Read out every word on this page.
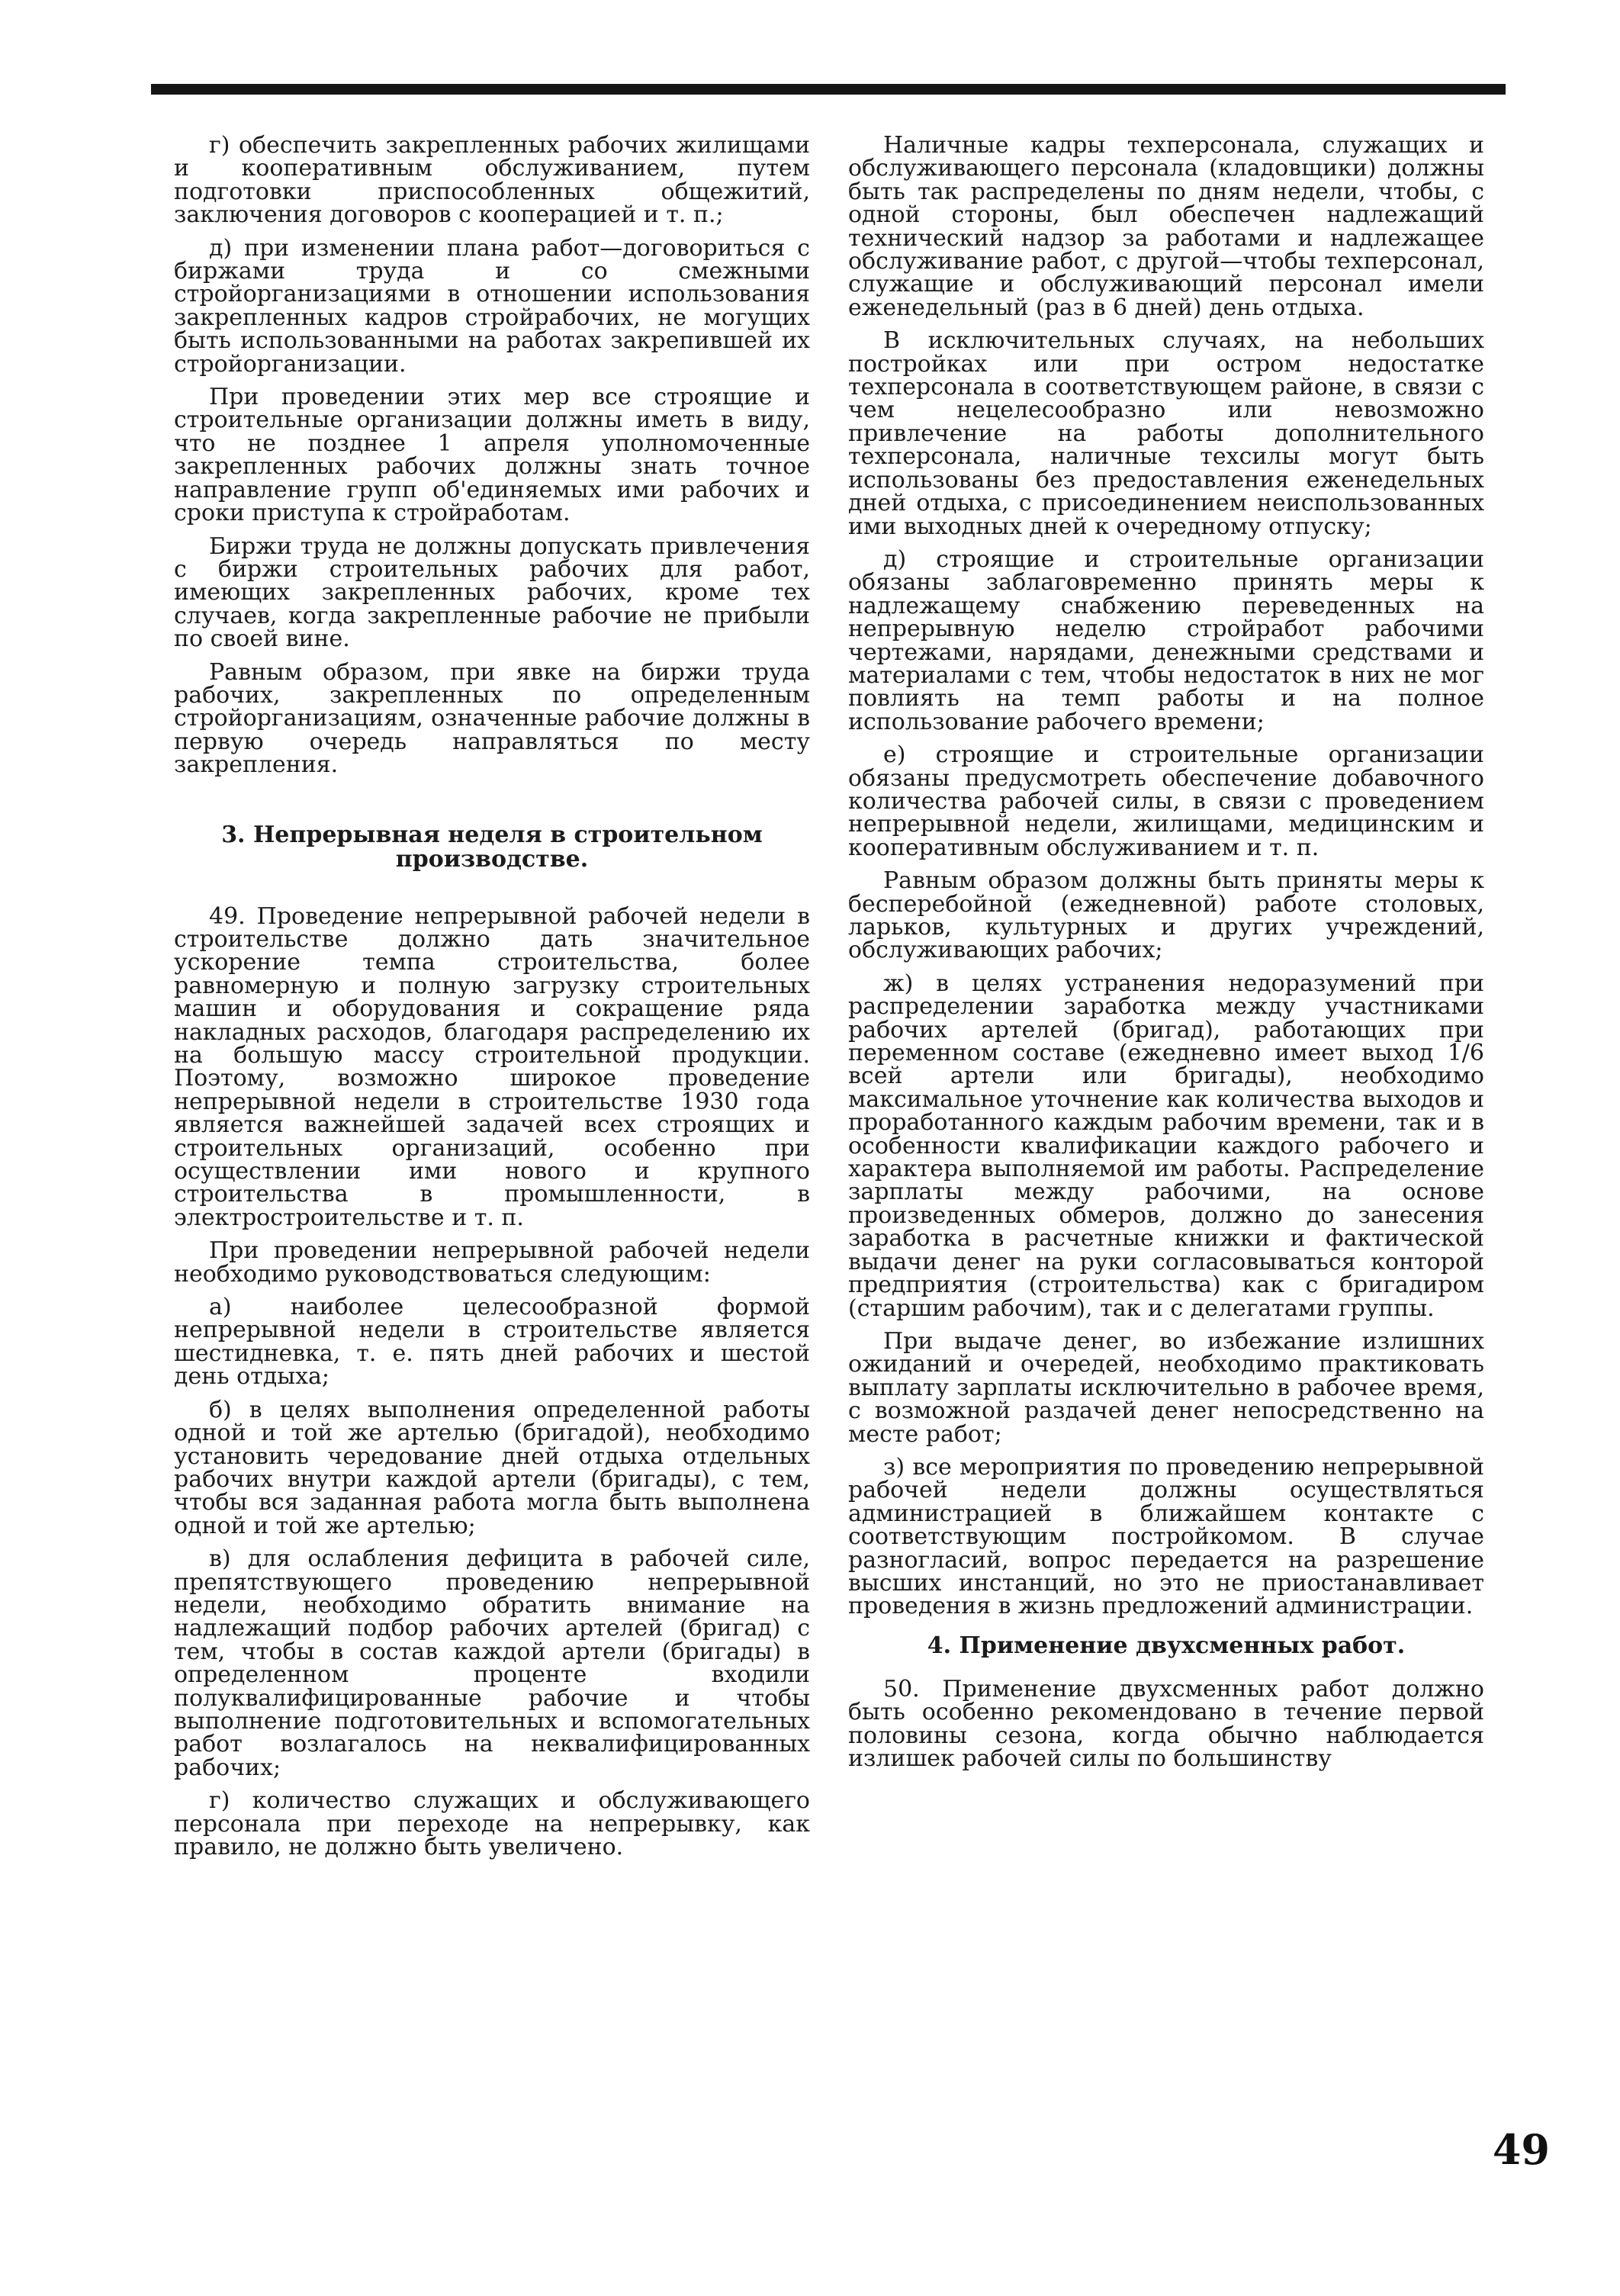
г) обеспечить закрепленных рабочих жилищами и кооперативным обслуживанием, путем подготовки приспособленных общежитий, заключения договоров с кооперацией и т. п.;

д) при изменении плана работ—договориться с биржами труда и со смежными стройорганизациями в отношении использования закрепленных кадров стройрабочих, не могущих быть использованными на работах закрепившей их стройорганизации.

При проведении этих мер все строящие и строительные организации должны иметь в виду, что не позднее 1 апреля уполномоченные закрепленных рабочих должны знать точное направление групп об'единяемых ими рабочих и сроки приступа к стройработам.

Биржи труда не должны допускать привлечения с биржи строительных рабочих для работ, имеющих закрепленных рабочих, кроме тех случаев, когда закрепленные рабочие не прибыли по своей вине.

Равным образом, при явке на биржи труда рабочих, закрепленных по определенным стройорганизациям, означенные рабочие должны в первую очередь направляться по месту закрепления.

3. Непрерывная неделя в строительном производстве.

49. Проведение непрерывной рабочей недели в строительстве должно дать значительное ускорение темпа строительства, более равномерную и полную загрузку строительных машин и оборудования и сокращение ряда накладных расходов, благодаря распределению их на большую массу строительной продукции. Поэтому, возможно широкое проведение непрерывной недели в строительстве 1930 года является важнейшей задачей всех строящих и строительных организаций, особенно при осуществлении ими нового и крупного строительства в промышленности, в электростроительстве и т. п.

При проведении непрерывной рабочей недели необходимо руководствоваться следующим:

а) наиболее целесообразной формой непрерывной недели в строительстве является шестидневка, т. е. пять дней рабочих и шестой день отдыха;

б) в целях выполнения определенной работы одной и той же артелью (бригадой), необходимо установить чередование дней отдыха отдельных рабочих внутри каждой артели (бригады), с тем, чтобы вся заданная работа могла быть выполнена одной и той же артелью;

в) для ослабления дефицита в рабочей силе, препятствующего проведению непрерывной недели, необходимо обратить внимание на надлежащий подбор рабочих артелей (бригад) с тем, чтобы в состав каждой артели (бригады) в определенном проценте входили полуквалифицированные рабочие и чтобы выполнение подготовительных и вспомогательных работ возлагалось на неквалифицированных рабочих;

г) количество служащих и обслуживающего персонала при переходе на непрерывку, как правило, не должно быть увеличено.

Наличные кадры техперсонала, служащих и обслуживающего персонала (кладовщики) должны быть так распределены по дням недели, чтобы, с одной стороны, был обеспечен надлежащий технический надзор за работами и надлежащее обслуживание работ, с другой—чтобы техперсонал, служащие и обслуживающий персонал имели еженедельный (раз в 6 дней) день отдыха.

В исключительных случаях, на небольших постройках или при остром недостатке техперсонала в соответствующем районе, в связи с чем нецелесообразно или невозможно привлечение на работы дополнительного техперсонала, наличные техсилы могут быть использованы без предоставления еженедельных дней отдыха, с присоединением неиспользованных ими выходных дней к очередному отпуску;

д) строящие и строительные организации обязаны заблаговременно принять меры к надлежащему снабжению переведенных на непрерывную неделю стройработ рабочими чертежами, нарядами, денежными средствами и материалами с тем, чтобы недостаток в них не мог повлиять на темп работы и на полное использование рабочего времени;

е) строящие и строительные организации обязаны предусмотреть обеспечение добавочного количества рабочей силы, в связи с проведением непрерывной недели, жилищами, медицинским и кооперативным обслуживанием и т. п.

Равным образом должны быть приняты меры к бесперебойной (ежедневной) работе столовых, ларьков, культурных и других учреждений, обслуживающих рабочих;

ж) в целях устранения недоразумений при распределении заработка между участниками рабочих артелей (бригад), работающих при переменном составе (ежедневно имеет выход 1/6 всей артели или бригады), необходимо максимальное уточнение как количества выходов и проработанного каждым рабочим времени, так и в особенности квалификации каждого рабочего и характера выполняемой им работы. Распределение зарплаты между рабочими, на основе произведенных обмеров, должно до занесения заработка в расчетные книжки и фактической выдачи денег на руки согласовываться конторой предприятия (строительства) как с бригадиром (старшим рабочим), так и с делегатами группы.

При выдаче денег, во избежание излишних ожиданий и очередей, необходимо практиковать выплату зарплаты исключительно в рабочее время, с возможной раздачей денег непосредственно на месте работ;

з) все мероприятия по проведению непрерывной рабочей недели должны осуществляться администрацией в ближайшем контакте с соответствующим постройкомом. В случае разногласий, вопрос передается на разрешение высших инстанций, но это не приостанавливает проведения в жизнь предложений администрации.

4. Применение двухсменных работ.

50. Применение двухсменных работ должно быть особенно рекомендовано в течение первой половины сезона, когда обычно наблюдается излишек рабочей силы по большинству

49
